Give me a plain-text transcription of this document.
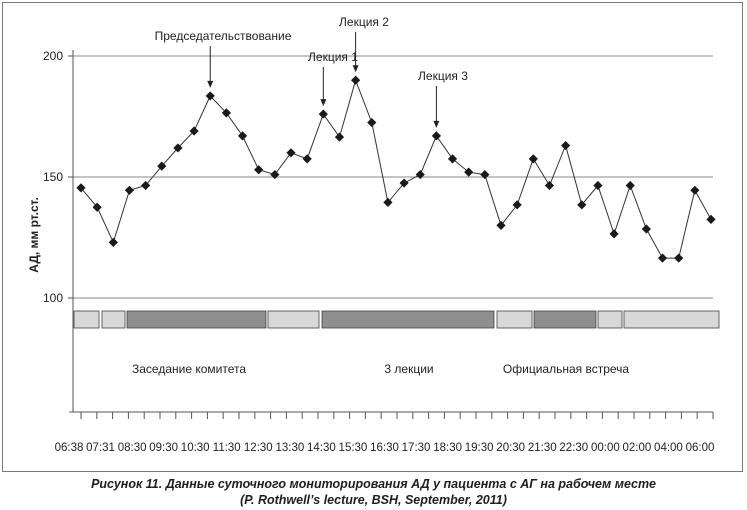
100
150
200
06:38 07:31 08:30 09:30 10:30 11:30 12:30 13:30 14:30 15:30 16:30 17:30 18:30 19:30 20:30 21:30 22:30 00:00 02:00 04:00 06:00
Заседание комитета	3 лекции	Официальная встреча
Председательствование
Лекция 1
Лекция 2
Лекция 3
АД, мм рт.ст.
Рисунок 11. Данные суточного мониторирования АД у пациента с АГ на рабочем месте
(P. Rothwell’s lecture, BSH, September, 2011)
